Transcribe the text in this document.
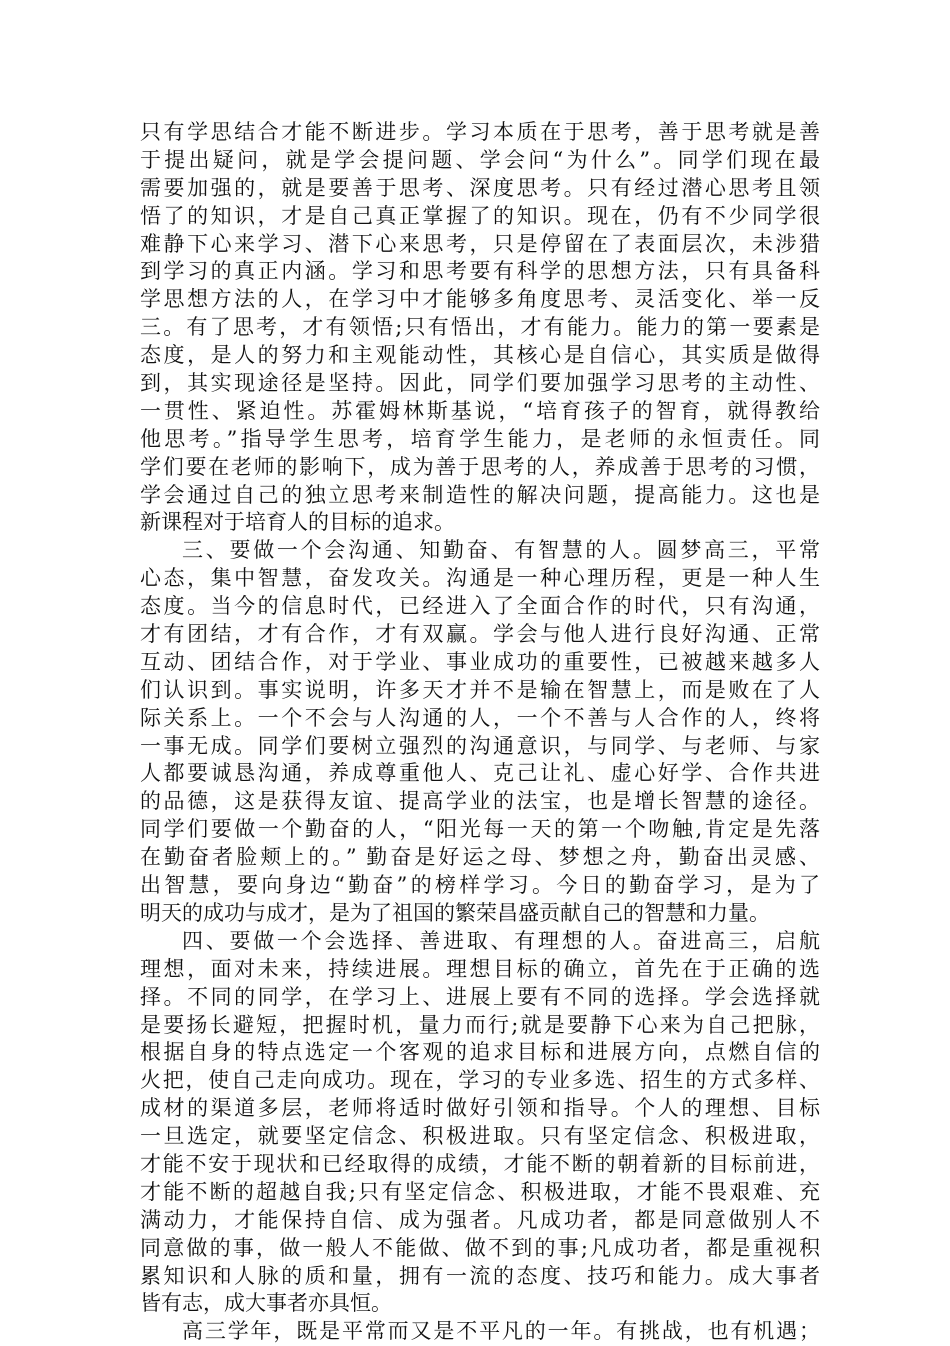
只有学思结合才能不断进步。学习本质在于思考，善于思考就是善
于提出疑问，就是学会提问题、学会问“为什么”。同学们现在最
需要加强的，就是要善于思考、深度思考。只有经过潜心思考且领
悟了的知识，才是自己真正掌握了的知识。现在，仍有不少同学很
难静下心来学习、潜下心来思考，只是停留在了表面层次，未涉猎
到学习的真正内涵。学习和思考要有科学的思想方法，只有具备科
学思想方法的人，在学习中才能够多角度思考、灵活变化、举一反
三。有了思考，才有领悟;只有悟出，才有能力。能力的第一要素是
态度，是人的努力和主观能动性，其核心是自信心，其实质是做得
到，其实现途径是坚持。因此，同学们要加强学习思考的主动性、
一贯性、紧迫性。苏霍姆林斯基说，“培育孩子的智育，就得教给
他思考。”指导学生思考，培育学生能力，是老师的永恒责任。同
学们要在老师的影响下，成为善于思考的人，养成善于思考的习惯，
学会通过自己的独立思考来制造性的解决问题，提高能力。这也是
新课程对于培育人的目标的追求。
三、要做一个会沟通、知勤奋、有智慧的人。圆梦高三，平常
心态，集中智慧，奋发攻关。沟通是一种心理历程，更是一种人生
态度。当今的信息时代，已经进入了全面合作的时代，只有沟通，
才有团结，才有合作，才有双赢。学会与他人进行良好沟通、正常
互动、团结合作，对于学业、事业成功的重要性，已被越来越多人
们认识到。事实说明，许多天才并不是输在智慧上，而是败在了人
际关系上。一个不会与人沟通的人，一个不善与人合作的人，终将
一事无成。同学们要树立强烈的沟通意识，与同学、与老师、与家
人都要诚恳沟通，养成尊重他人、克己让礼、虚心好学、合作共进
的品德，这是获得友谊、提高学业的法宝，也是增长智慧的途径。
同学们要做一个勤奋的人，“阳光每一天的第一个吻触,肯定是先落
在勤奋者脸颊上的。” 勤奋是好运之母、梦想之舟，勤奋出灵感、
出智慧，要向身边“勤奋”的榜样学习。今日的勤奋学习，是为了
明天的成功与成才，是为了祖国的繁荣昌盛贡献自己的智慧和力量。
四、要做一个会选择、善进取、有理想的人。奋进高三，启航
理想，面对未来，持续进展。理想目标的确立，首先在于正确的选
择。不同的同学，在学习上、进展上要有不同的选择。学会选择就
是要扬长避短，把握时机，量力而行;就是要静下心来为自己把脉，
根据自身的特点选定一个客观的追求目标和进展方向，点燃自信的
火把，使自己走向成功。现在，学习的专业多选、招生的方式多样、
成材的渠道多层，老师将适时做好引领和指导。个人的理想、目标
一旦选定，就要坚定信念、积极进取。只有坚定信念、积极进取，
才能不安于现状和已经取得的成绩，才能不断的朝着新的目标前进，
才能不断的超越自我;只有坚定信念、积极进取，才能不畏艰难、充
满动力，才能保持自信、成为强者。凡成功者，都是同意做别人不
同意做的事，做一般人不能做、做不到的事;凡成功者，都是重视积
累知识和人脉的质和量，拥有一流的态度、技巧和能力。成大事者
皆有志，成大事者亦具恒。
高三学年，既是平常而又是不平凡的一年。有挑战，也有机遇；
